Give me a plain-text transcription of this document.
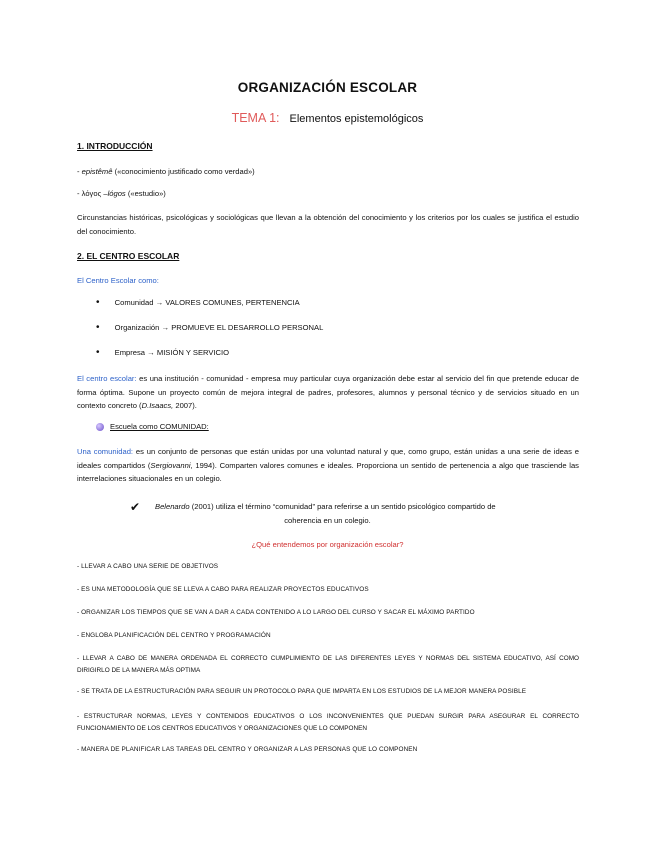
ORGANIZACIÓN ESCOLAR
TEMA 1: Elementos epistemológicos
1. INTRODUCCIÓN
- epistêmê («conocimiento justificado como verdad»)
- λόγος –lógos («estudio»)
Circunstancias históricas, psicológicas y sociológicas que llevan a la obtención del conocimiento y los criterios por los cuales se justifica el estudio del conocimiento.
2. EL CENTRO ESCOLAR
El Centro Escolar como:
• Comunidad → VALORES COMUNES, PERTENENCIA
• Organización → PROMUEVE EL DESARROLLO PERSONAL
• Empresa → MISIÓN Y SERVICIO
El centro escolar: es una institución - comunidad - empresa muy particular cuya organización debe estar al servicio del fin que pretende educar de forma óptima. Supone un proyecto común de mejora integral de padres, profesores, alumnos y personal técnico y de servicios situado en un contexto concreto (D.Isaacs, 2007).
Escuela como COMUNIDAD:
Una comunidad: es un conjunto de personas que están unidas por una voluntad natural y que, como grupo, están unidas a una serie de ideas e ideales compartidos (Sergiovanni, 1994). Comparten valores comunes e ideales. Proporciona un sentido de pertenencia a algo que trasciende las interrelaciones situacionales en un colegio.
✔ Belenardo (2001) utiliza el término “comunidad” para referirse a un sentido psicológico compartido de
coherencia en un colegio.
¿Qué entendemos por organización escolar?
- LLEVAR A CABO UNA SERIE DE OBJETIVOS
- ES UNA METODOLOGÍA QUE SE LLEVA A CABO PARA REALIZAR PROYECTOS EDUCATIVOS
- ORGANIZAR LOS TIEMPOS QUE SE VAN A DAR A CADA CONTENIDO A LO LARGO DEL CURSO Y SACAR EL MÁXIMO PARTIDO
- ENGLOBA PLANIFICACIÓN DEL CENTRO Y PROGRAMACIÓN
- LLEVAR A CABO DE MANERA ORDENADA EL CORRECTO CUMPLIMIENTO DE LAS DIFERENTES LEYES Y NORMAS DEL SISTEMA EDUCATIVO, ASÍ COMO DIRIGIRLO DE LA MANERA MÁS OPTIMA
- SE TRATA DE LA ESTRUCTURACIÓN PARA SEGUIR UN PROTOCOLO PARA QUE IMPARTA EN LOS ESTUDIOS DE LA MEJOR MANERA POSIBLE
- ESTRUCTURAR NORMAS, LEYES Y CONTENIDOS EDUCATIVOS O LOS INCONVENIENTES QUE PUEDAN SURGIR PARA ASEGURAR EL CORRECTO FUNCIONAMIENTO DE LOS CENTROS EDUCATIVOS Y ORGANIZACIONES QUE LO COMPONEN
- MANERA DE PLANIFICAR LAS TAREAS DEL CENTRO Y ORGANIZAR A LAS PERSONAS QUE LO COMPONEN
